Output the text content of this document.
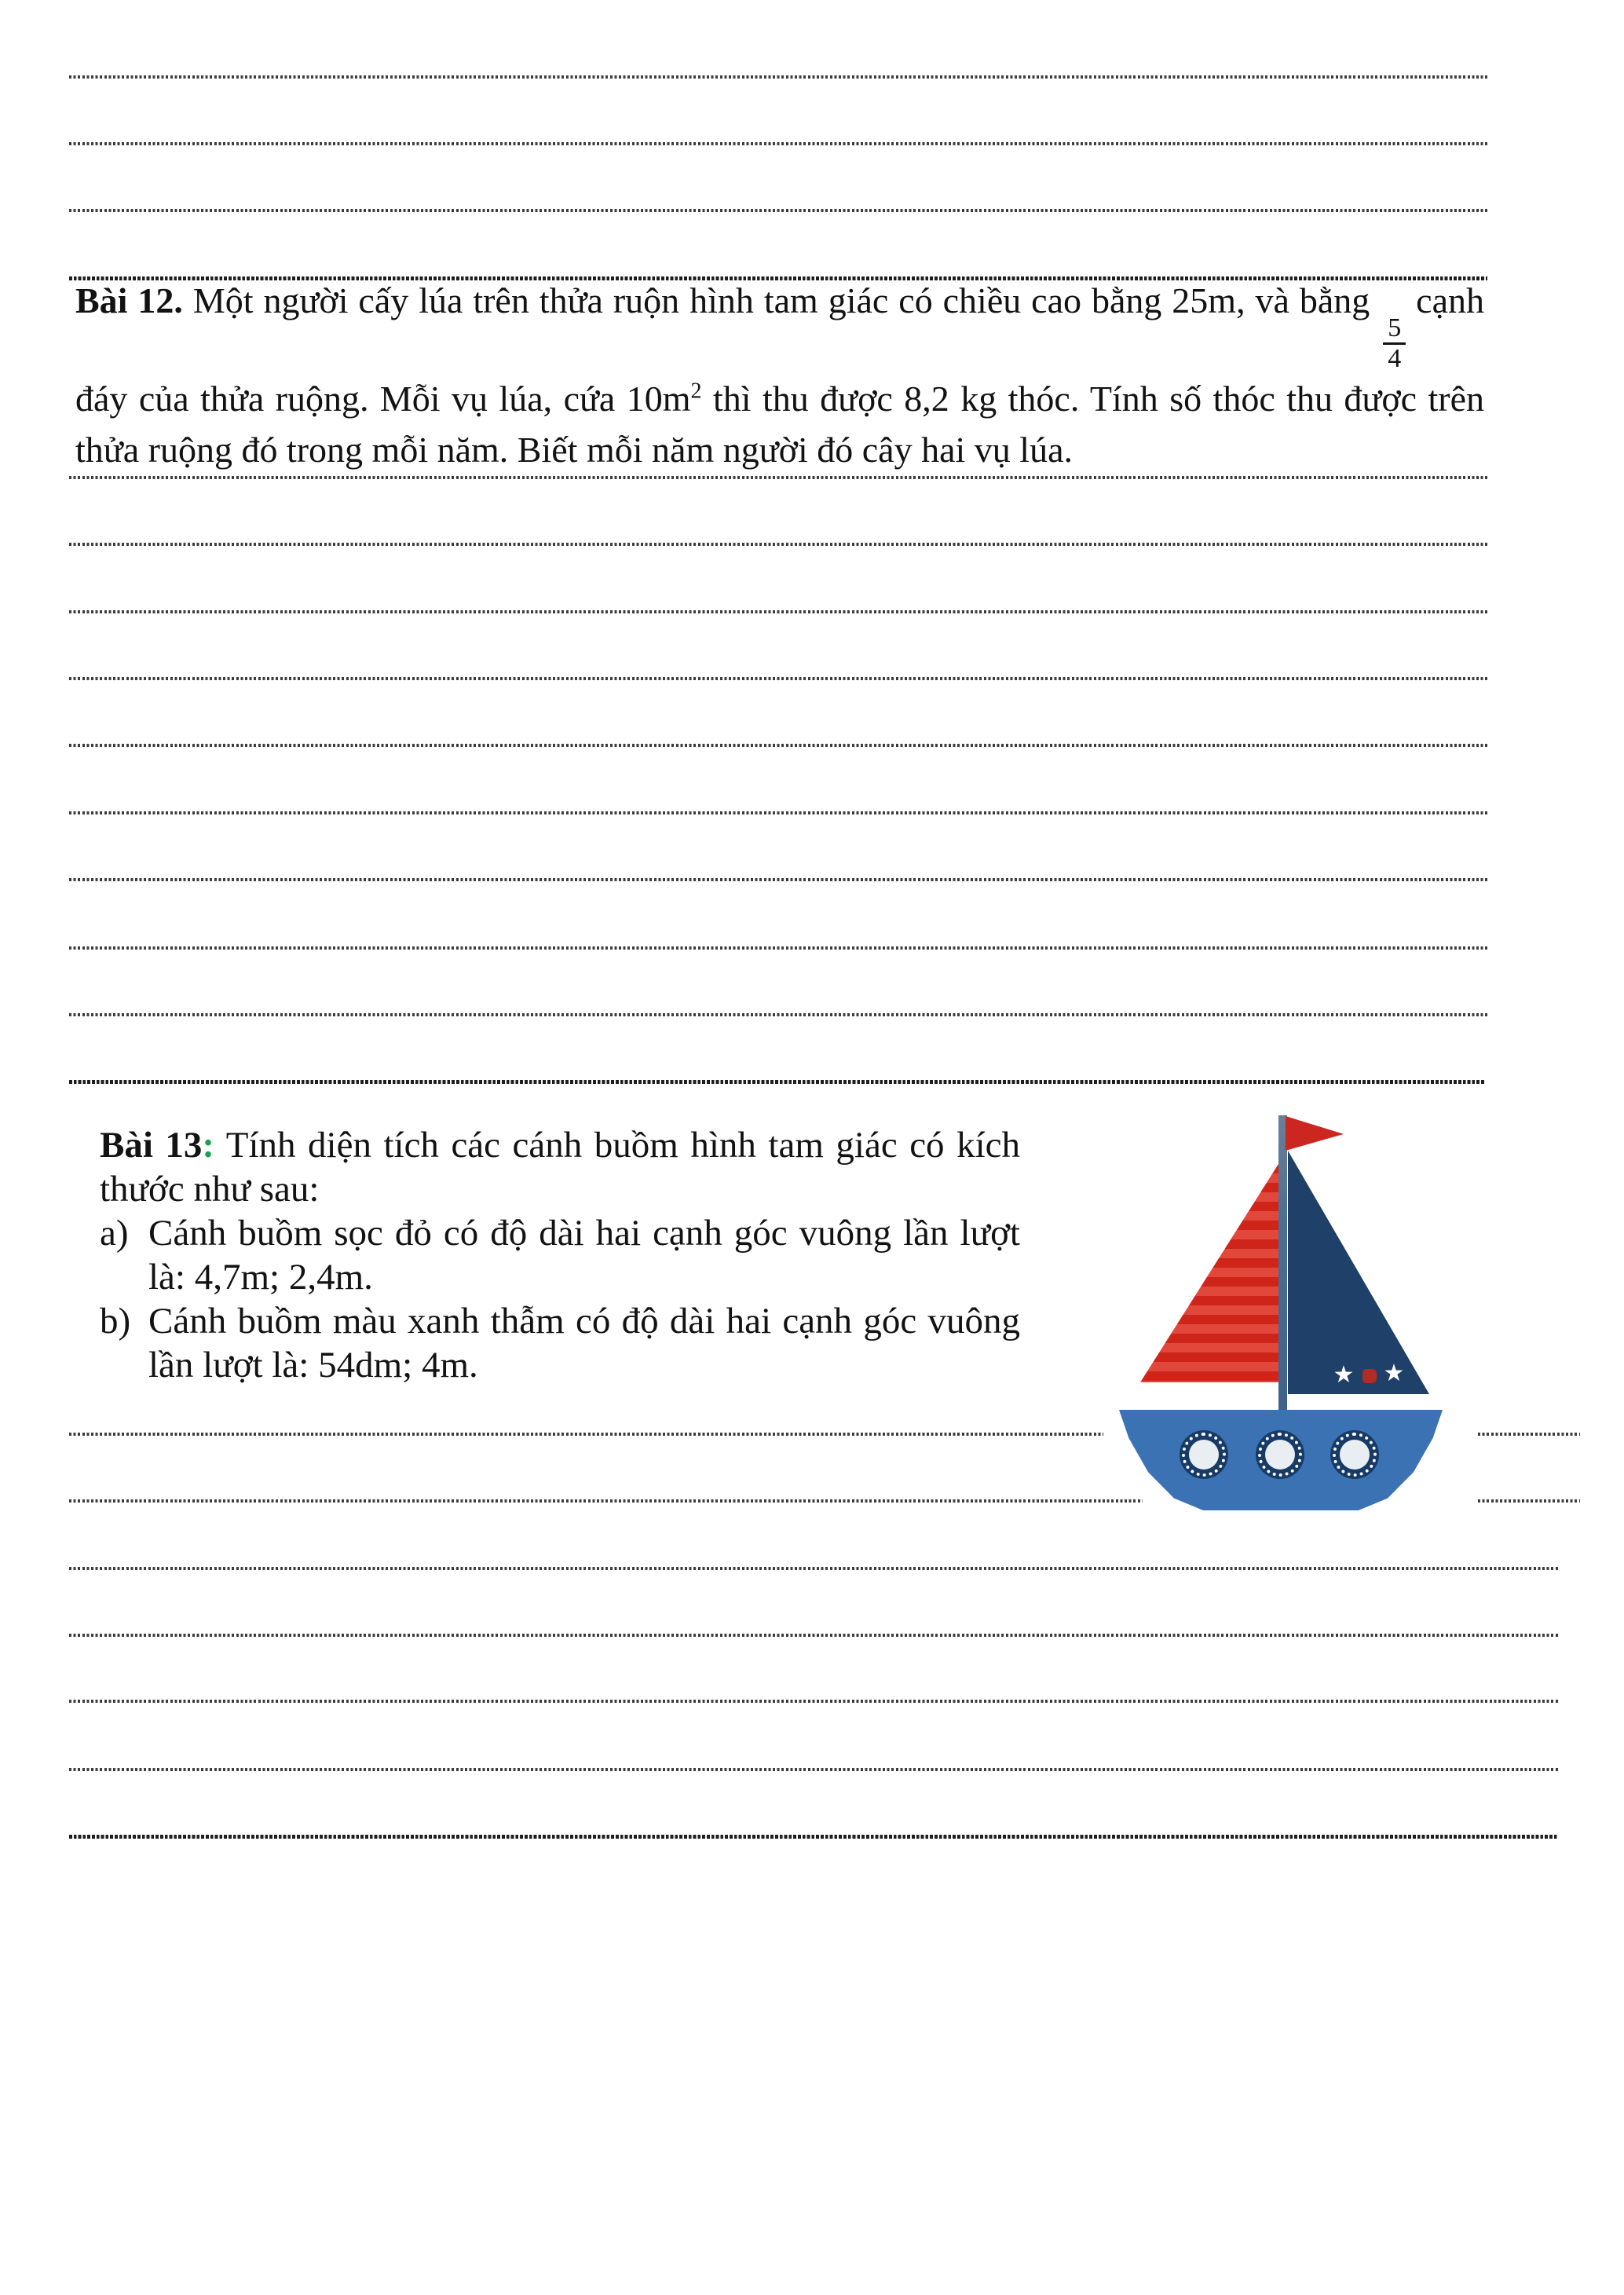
Bài 12. Một người cấy lúa trên thửa ruộn hình tam giác có chiều cao bằng 25m, và bằng
$\frac{5}{4}$
cạnh đáy của thửa ruộng. Mỗi vụ lúa, cứa $10m^2$ thì thu được 8,2 kg thóc. Tính số thóc thu được trên thửa ruộng đó trong mỗi năm. Biết mỗi năm người đó cây hai vụ lúa.

Bài 13: Tính diện tích các cánh buồm hình tam giác có kích thước như sau:
a) Cánh buồm sọc đỏ có độ dài hai cạnh góc vuông lần lượt là: 4,7m; 2,4m.
b) Cánh buồm màu xanh thẫm có độ dài hai cạnh góc vuông lần lượt là: 54dm; 4m.	★ ★
